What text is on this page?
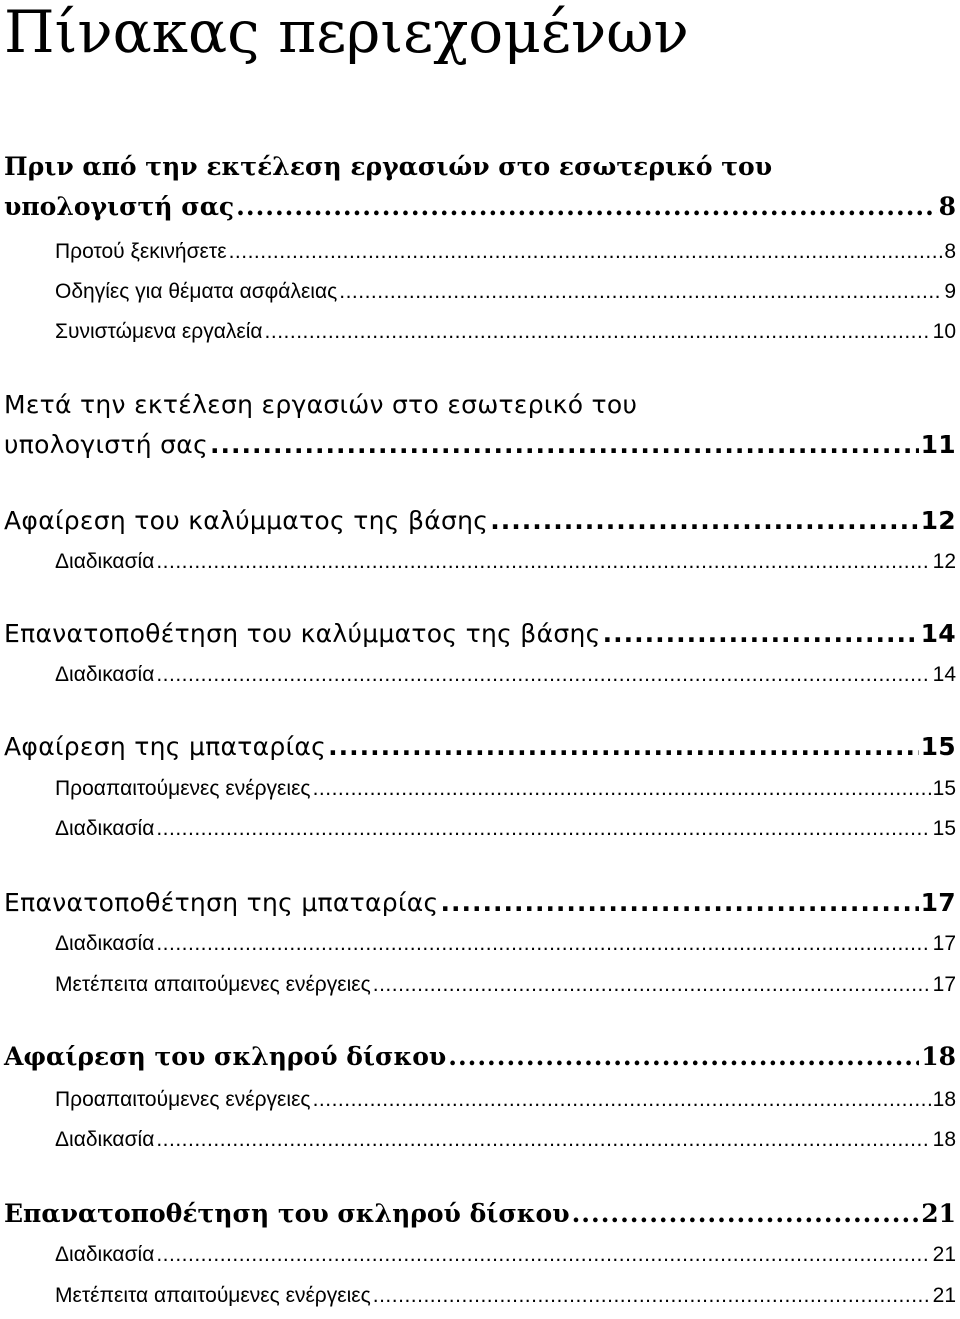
Πίνακας περιεχομένων
Πριν από την εκτέλεση εργασιών στο εσωτερικό του
υπολογιστή σας .....	8
Προτού ξεκινήσετε .....	8
Οδηγίες για θέματα ασφάλειας .....	9
Συνιστώμενα εργαλεία .....	10
Μετά την εκτέλεση εργασιών στο εσωτερικό του
υπολογιστή σας .....	11
Αφαίρεση του καλύμματος της βάσης .....	12
Διαδικασία .....	12
Επανατοποθέτηση του καλύμματος της βάσης .....	14
Διαδικασία .....	14
Αφαίρεση της μπαταρίας .....	15
Προαπαιτούμενες ενέργειες .....	15
Διαδικασία .....	15
Επανατοποθέτηση της μπαταρίας .....	17
Διαδικασία .....	17
Μετέπειτα απαιτούμενες ενέργειες .....	17
Αφαίρεση του σκληρού δίσκου .....	18
Προαπαιτούμενες ενέργειες .....	18
Διαδικασία .....	18
Επανατοποθέτηση του σκληρού δίσκου .....	21
Διαδικασία .....	21
Μετέπειτα απαιτούμενες ενέργειες .....	21
